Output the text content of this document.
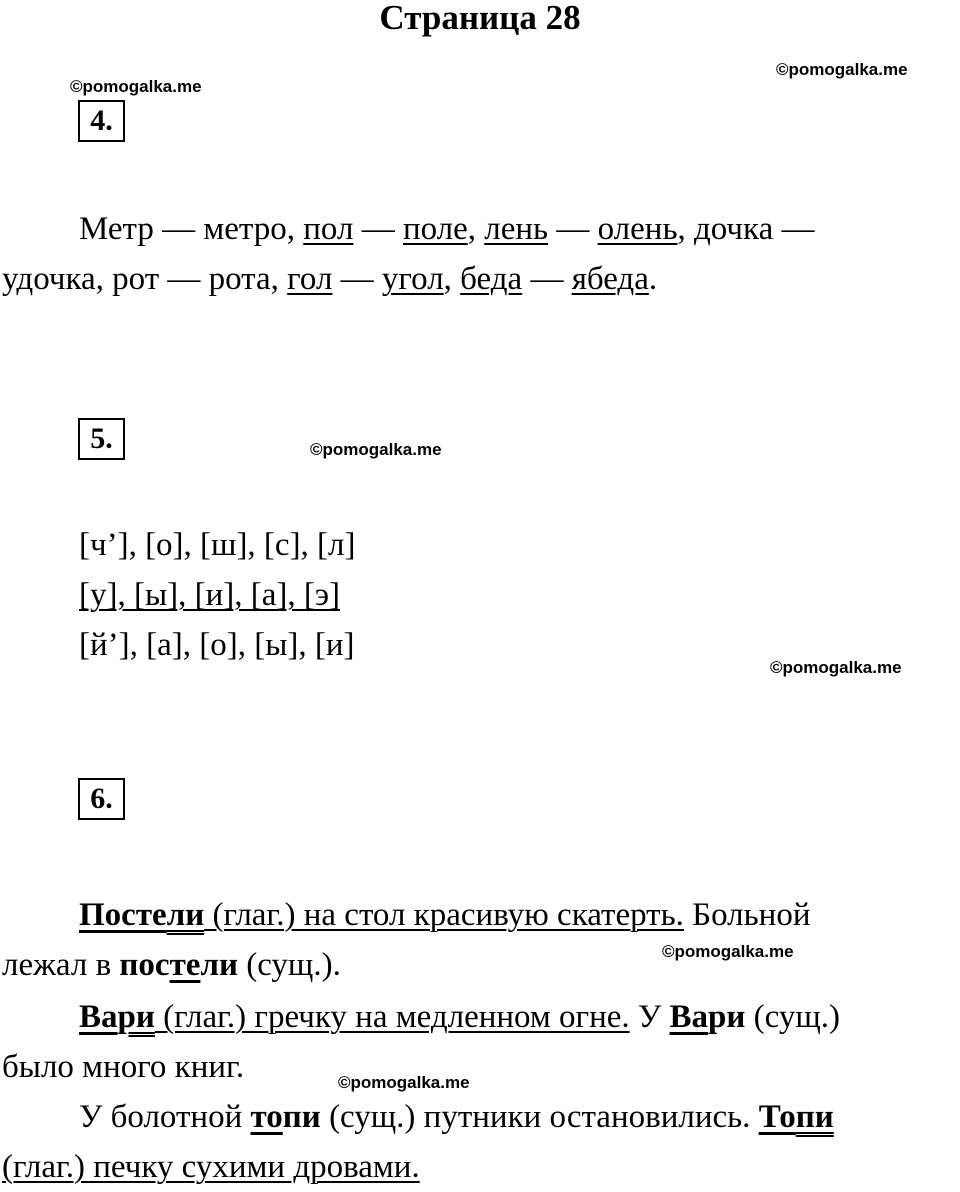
Страница 28
©pomogalka.me
©pomogalka.me
4.
Метр — метро, пол — поле, лень — олень, дочка —
удочка, рот — рота, гол — угол, беда — ябеда.
5.	©pomogalka.me
[ч’], [о], [ш], [с], [л]
[у], [ы], [и], [а], [э]
[й’], [а], [о], [ы], [и]
©pomogalka.me
6.
Постели (глаг.) на стол красивую скатерть. Больной
лежал в постели (сущ.).	©pomogalka.me
Вари (глаг.) гречку на медленном огне. У Вари (сущ.)
было много книг.	©pomogalka.me
У болотной топи (сущ.) путники остановились. Топи
(глаг.) печку сухими дровами.
